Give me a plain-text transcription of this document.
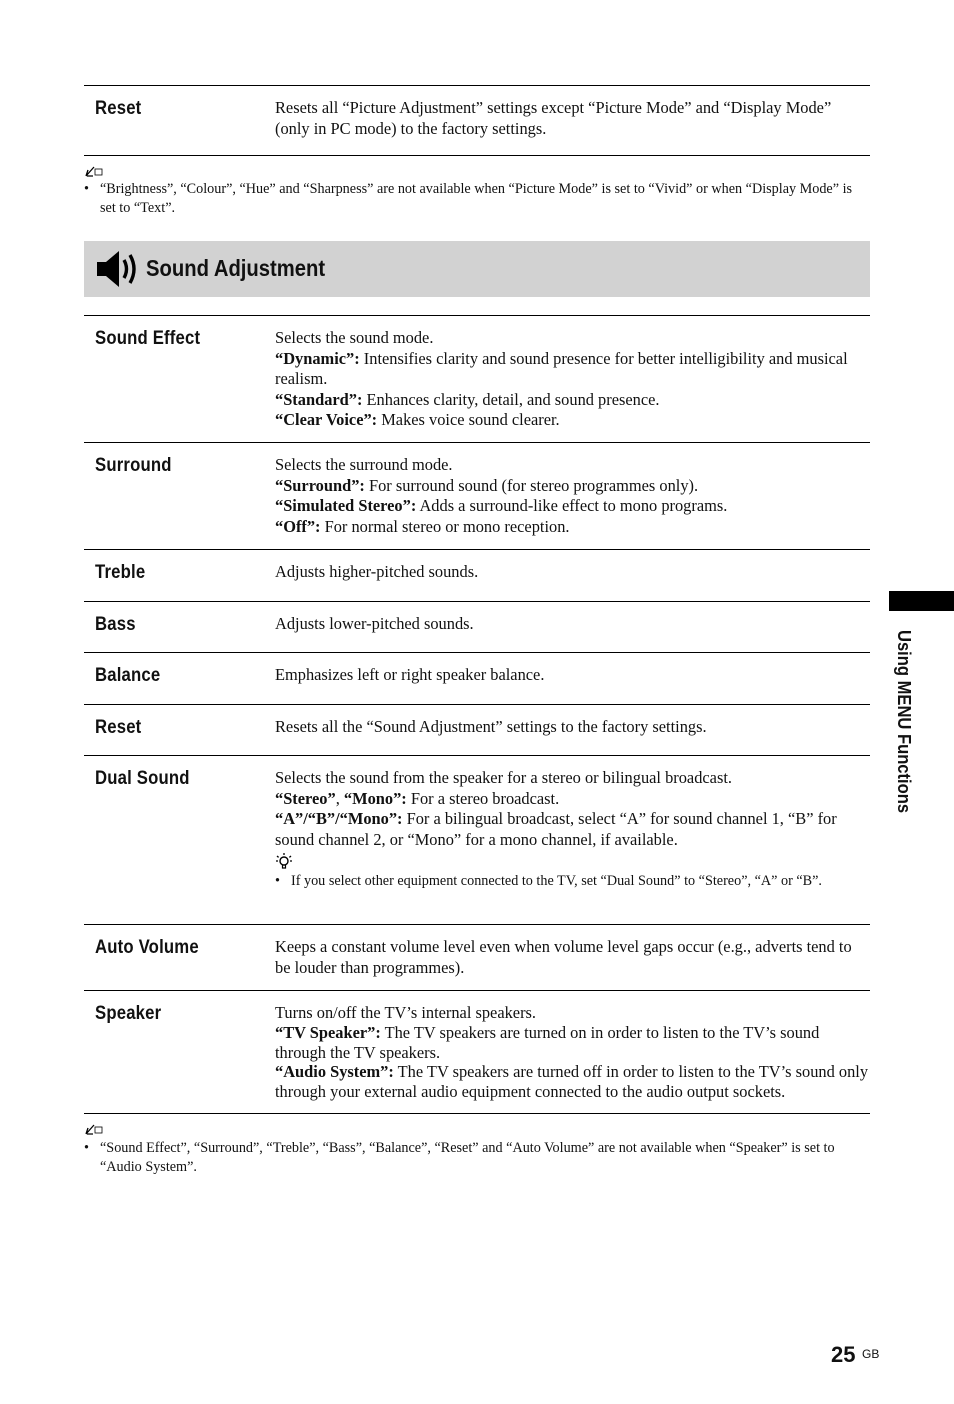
Reset	Resets all “Picture Adjustment” settings except “Picture Mode” and “Display Mode” (only in PC mode) to the factory settings.

• “Brightness”, “Colour”, “Hue” and “Sharpness” are not available when “Picture Mode” is set to “Vivid” or when “Display Mode” is set to “Text”.
Sound Adjustment
Sound Effect	Selects the sound mode.

“Dynamic”: Intensifies clarity and sound presence for better intelligibility and musical realism.

“Standard”: Enhances clarity, detail, and sound presence.

“Clear Voice”: Makes voice sound clearer.

Surround	Selects the surround mode.

“Surround”: For surround sound (for stereo programmes only).

“Simulated Stereo”: Adds a surround-like effect to mono programs.

“Off”: For normal stereo or mono reception.

Treble	Adjusts higher-pitched sounds.

Bass	Adjusts lower-pitched sounds.

Balance	Emphasizes left or right speaker balance.

Reset	Resets all the “Sound Adjustment” settings to the factory settings.

Dual Sound	Selects the sound from the speaker for a stereo or bilingual broadcast.

“Stereo”, “Mono”: For a stereo broadcast.

“A”/“B”/“Mono”: For a bilingual broadcast, select “A” for sound channel 1, “B” for sound channel 2, or “Mono” for a mono channel, if available.

• If you select other equipment connected to the TV, set “Dual Sound” to “Stereo”, “A” or “B”.
Auto Volume	Keeps a constant volume level even when volume level gaps occur (e.g., adverts tend to be louder than programmes).

Speaker	Turns on/off the TV’s internal speakers.

“TV Speaker”: The TV speakers are turned on in order to listen to the TV’s sound through the TV speakers.

“Audio System”: The TV speakers are turned off in order to listen to the TV’s sound only through your external audio equipment connected to the audio output sockets.

• “Sound Effect”, “Surround”, “Treble”, “Bass”, “Balance”, “Reset” and “Auto Volume” are not available when “Speaker” is set to “Audio System”.
Using MENU Functions
25 GB
